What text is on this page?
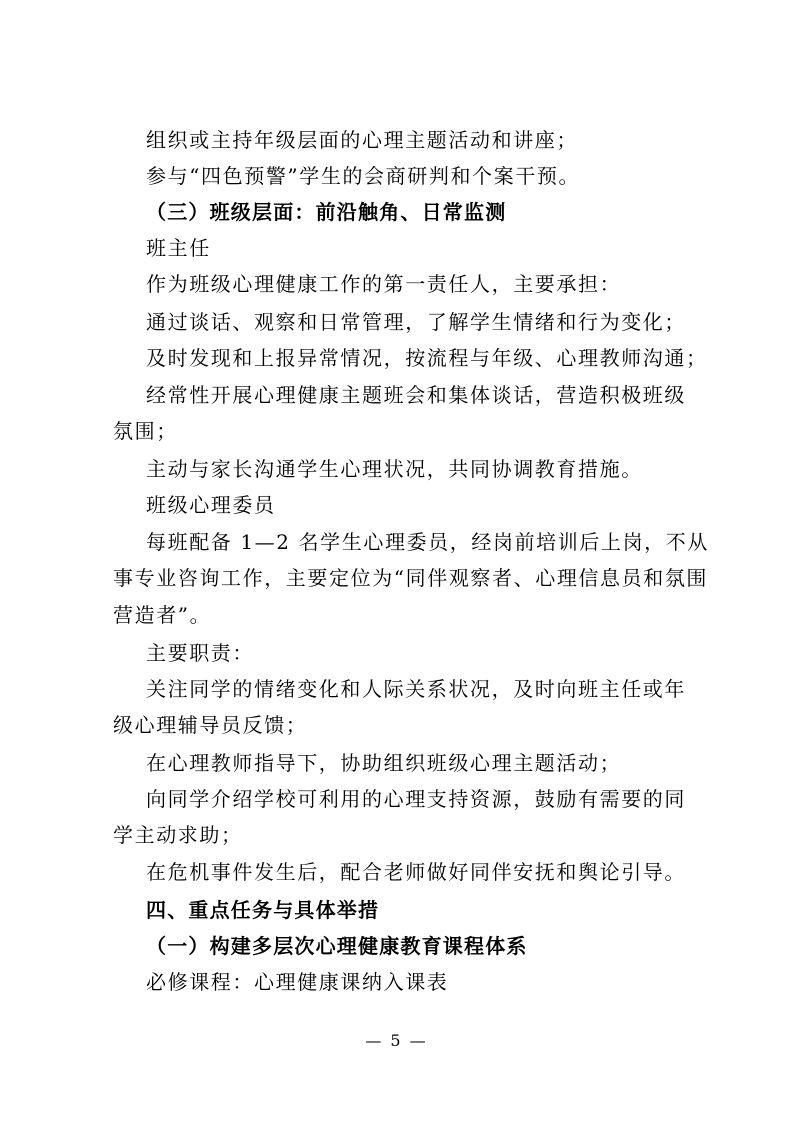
组织或主持年级层面的心理主题活动和讲座；
参与“四色预警”学生的会商研判和个案干预。
（三）班级层面：前沿触角、日常监测
班主任
作为班级心理健康工作的第一责任人，主要承担：
通过谈话、观察和日常管理，了解学生情绪和行为变化；
及时发现和上报异常情况，按流程与年级、心理教师沟通；
经常性开展心理健康主题班会和集体谈话，营造积极班级
氛围；
主动与家长沟通学生心理状况，共同协调教育措施。
班级心理委员
每班配备 1—2 名学生心理委员，经岗前培训后上岗，不从
事专业咨询工作，主要定位为“同伴观察者、心理信息员和氛围
营造者”。
主要职责：
关注同学的情绪变化和人际关系状况，及时向班主任或年
级心理辅导员反馈；
在心理教师指导下，协助组织班级心理主题活动；
向同学介绍学校可利用的心理支持资源，鼓励有需要的同
学主动求助；
在危机事件发生后，配合老师做好同伴安抚和舆论引导。
四、重点任务与具体举措
（一）构建多层次心理健康教育课程体系
必修课程：心理健康课纳入课表
— 5 —
